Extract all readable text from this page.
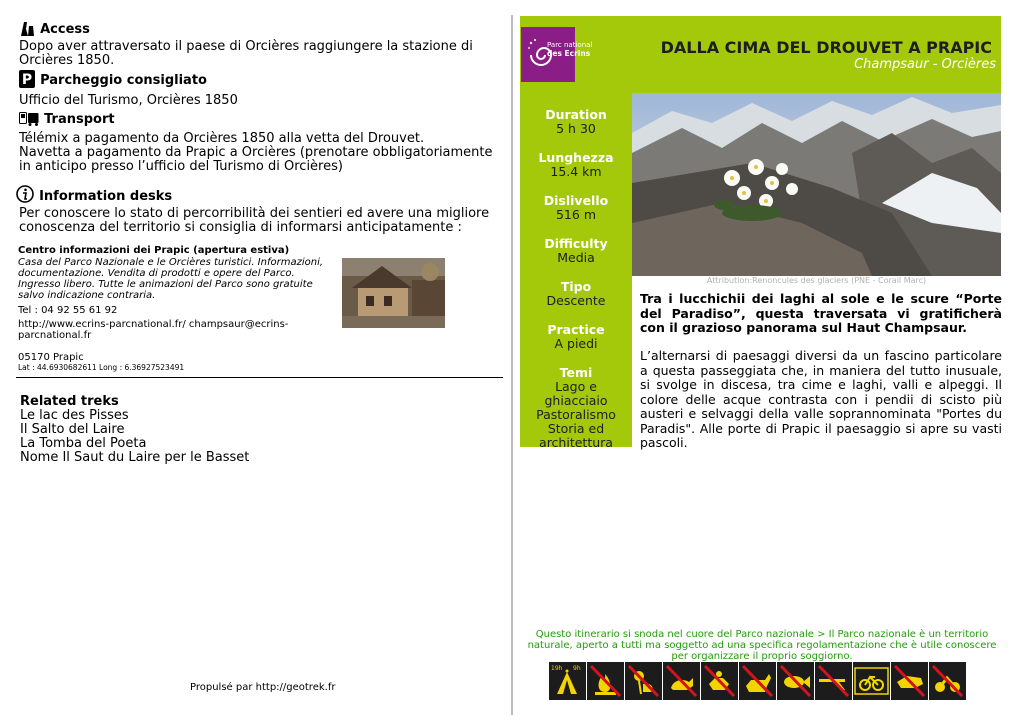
Access
Dopo aver attraversato il paese di Orcières raggiungere la stazione di Orcières 1850.
P Parcheggio consigliato
Ufficio del Turismo, Orcières 1850
Transport
Télémix a pagamento da Orcières 1850 alla vetta del Drouvet.
Navetta a pagamento da Prapic a Orcières (prenotare obbligatoriamente in anticipo presso l’ufficio del Turismo di Orcières)
Information desks
Per conoscere lo stato di percorribilità dei sentieri ed avere una migliore conoscenza del territorio si consiglia di informarsi anticipatamente :
Centro informazioni dei Prapic (apertura estiva)
Casa del Parco Nazionale e le Orcières turistici. Informazioni, documentazione. Vendita di prodotti e opere del Parco. Ingresso libero. Tutte le animazioni del Parco sono gratuite salvo indicazione contraria.
Tel : 04 92 55 61 92
http://www.ecrins-parcnational.fr/ champsaur@ecrins-parcnational.fr
05170 Prapic
Lat : 44.6930682611 Long : 6.36927523491
Related treks
Le lac des Pisses
Il Salto del Laire
La Tomba del Poeta
Nome Il Saut du Laire per le Basset
Propulsé par http://geotrek.fr
Parc national
des Ecrins	DALLA CIMA DEL DROUVET A PRAPIC
Champsaur - Orcières
Duration
5 h 30
Lunghezza
15.4 km
Dislivello
516 m
Difficulty
Media
Tipo
Descente
Practice
A piedi
Temi
Lago e ghiacciaio Pastoralismo Storia ed architettura
Attribution:Renoncules des glaciers (PNE - Corail Marc)
Tra i lucchichii dei laghi al sole e le scure “Porte del Paradiso”, questa traversata vi gratificherà con il grazioso panorama sul Haut Champsaur.
L’alternarsi di paesaggi diversi da un fascino particolare a questa passeggiata che, in maniera del tutto inusuale, si svolge in discesa, tra cime e laghi, valli e alpeggi. Il colore delle acque contrasta con i pendii di scisto più austeri e selvaggi della valle soprannominata "Portes du Paradis". Alle porte di Prapic il paesaggio si apre su vasti pascoli.
Questo itinerario si snoda nel cuore del Parco nazionale > Il Parco nazionale è un territorio naturale, aperto a tutti ma soggetto ad una specifica regolamentazione che è utile conoscere per organizzare il proprio soggiorno.
19h 9h
